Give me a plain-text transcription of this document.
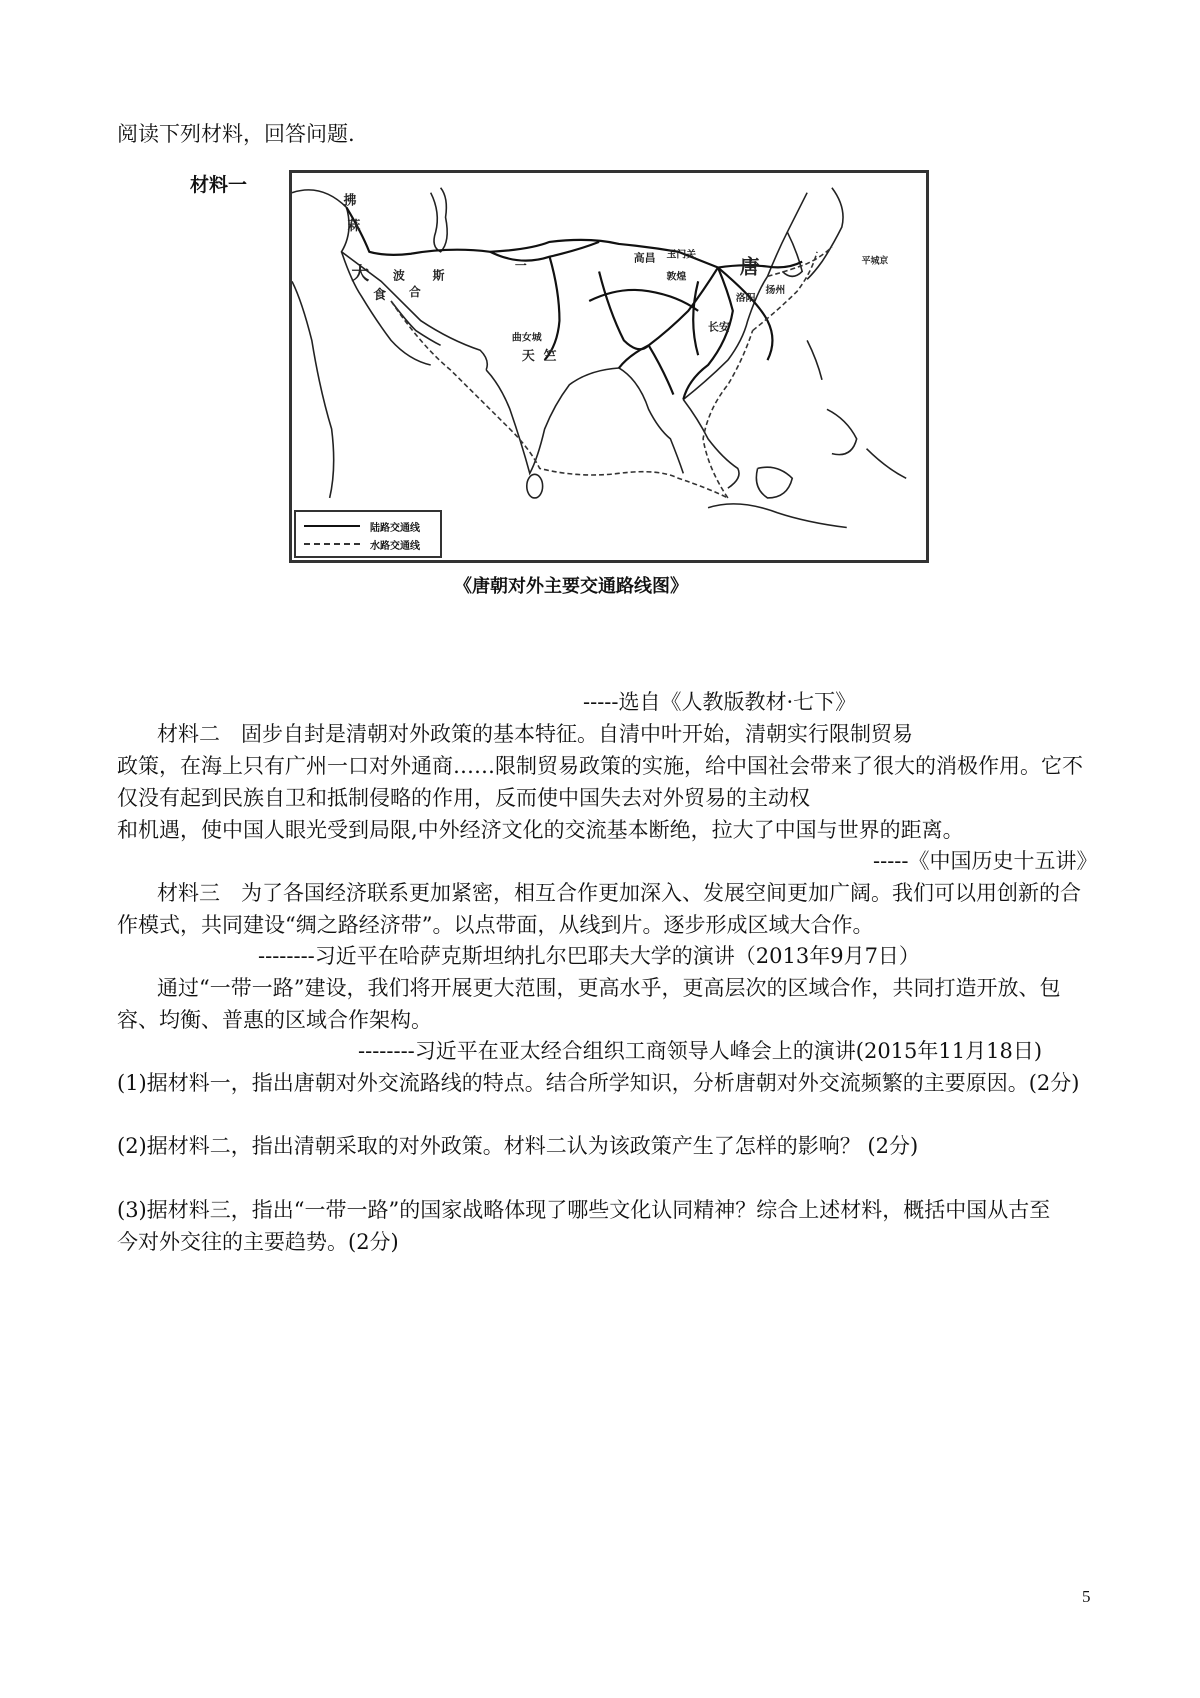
阅读下列材料，回答问题.
材料一
拂
菻
大
食
波
合
斯
一
高昌 玉门关
敦煌	唐
长安
洛阳
扬州
平城京
曲女城
天 竺
陆路交通线
水路交通线
《唐朝对外主要交通路线图》
-----选自《人教版教材·七下》
材料二　固步自封是清朝对外政策的基本特征。自清中叶开始，清朝实行限制贸易
政策，在海上只有广州一口对外通商……限制贸易政策的实施，给中国社会带来了很大的消极作用。它不
仅没有起到民族自卫和抵制侵略的作用，反而使中国失去对外贸易的主动权
和机遇，使中国人眼光受到局限,中外经济文化的交流基本断绝，拉大了中国与世界的距离。
-----《中国历史十五讲》
材料三　为了各国经济联系更加紧密，相互合作更加深入、发展空间更加广阔。我们可以用创新的合
作模式，共同建设“绸之路经济带”。以点带面，从线到片。逐步形成区域大合作。
--------习近平在哈萨克斯坦纳扎尔巴耶夫大学的演讲（2013年9月7日）
通过“一带一路”建设，我们将开展更大范围，更高水乎，更高层次的区域合作，共同打造开放、包
容、均衡、普惠的区域合作架构。
--------习近平在亚太经合组织工商领导人峰会上的演讲(2015年11月18日)
(1)据材料一，指出唐朝对外交流路线的特点。结合所学知识，分析唐朝对外交流频繁的主要原因。(2分)
(2)据材料二，指出清朝采取的对外政策。材料二认为该政策产生了怎样的影响？ (2分)
(3)据材料三，指出“一带一路”的国家战略体现了哪些文化认同精神？综合上述材料，概括中国从古至
今对外交往的主要趋势。(2分)
5
